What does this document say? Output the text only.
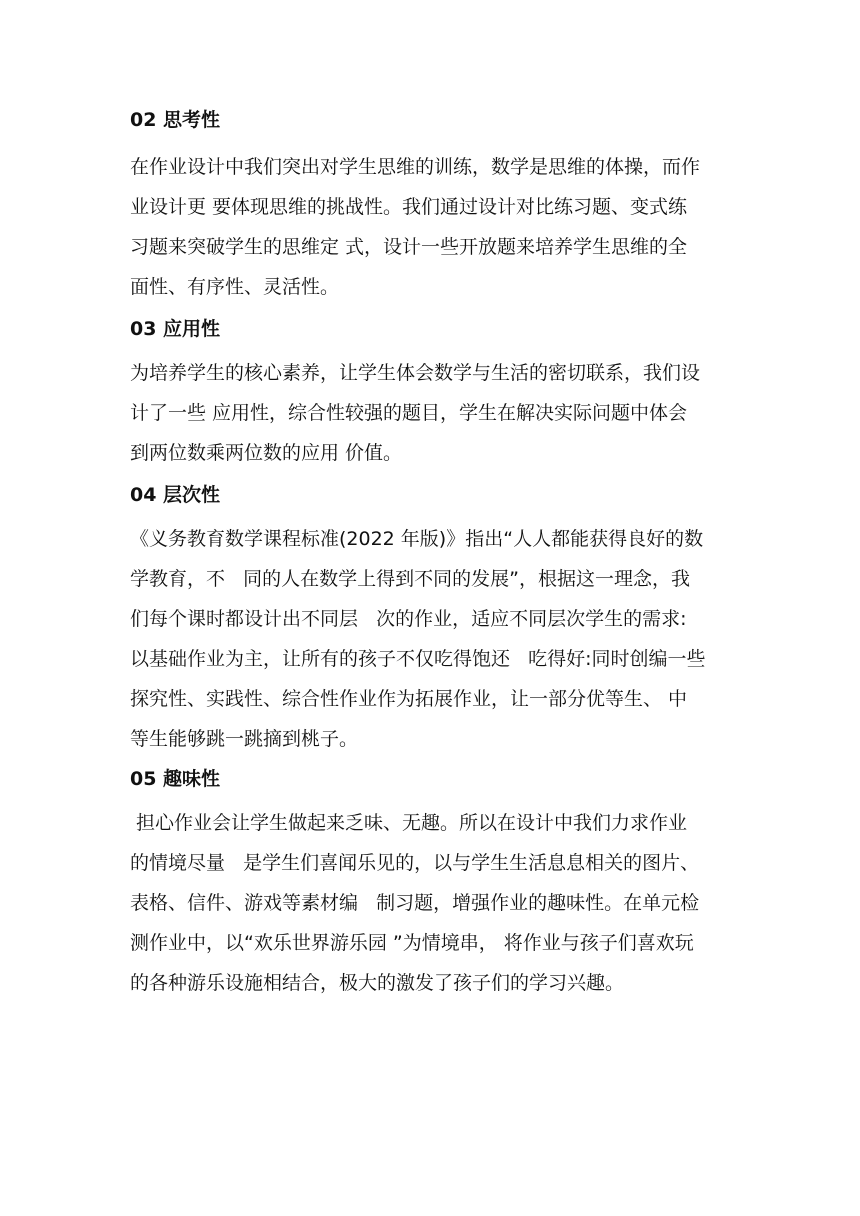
02 思考性

在作业设计中我们突出对学生思维的训练，数学是思维的体操，而作
业设计更 要体现思维的挑战性。我们通过设计对比练习题、变式练
习题来突破学生的思维定 式，设计一些开放题来培养学生思维的全
面性、有序性、灵活性。

03 应用性

为培养学生的核心素养，让学生体会数学与生活的密切联系，我们设
计了一些 应用性，综合性较强的题目，学生在解决实际问题中体会
到两位数乘两位数的应用 价值。

04 层次性

《义务教育数学课程标准(2022 年版)》指出“人人都能获得良好的数
学教育，不   同的人在数学上得到不同的发展”，根据这一理念，我
们每个课时都设计出不同层   次的作业，适应不同层次学生的需求:
以基础作业为主，让所有的孩子不仅吃得饱还   吃得好:同时创编一些
探究性、实践性、综合性作业作为拓展作业，让一部分优等生、 中
等生能够跳一跳摘到桃子。

05 趣味性

担心作业会让学生做起来乏味、无趣。所以在设计中我们力求作业
的情境尽量   是学生们喜闻乐见的，以与学生生活息息相关的图片、
表格、信件、游戏等素材编   制习题，增强作业的趣味性。在单元检
测作业中，以“欢乐世界游乐园 ”为情境串， 将作业与孩子们喜欢玩
的各种游乐设施相结合，极大的激发了孩子们的学习兴趣。
